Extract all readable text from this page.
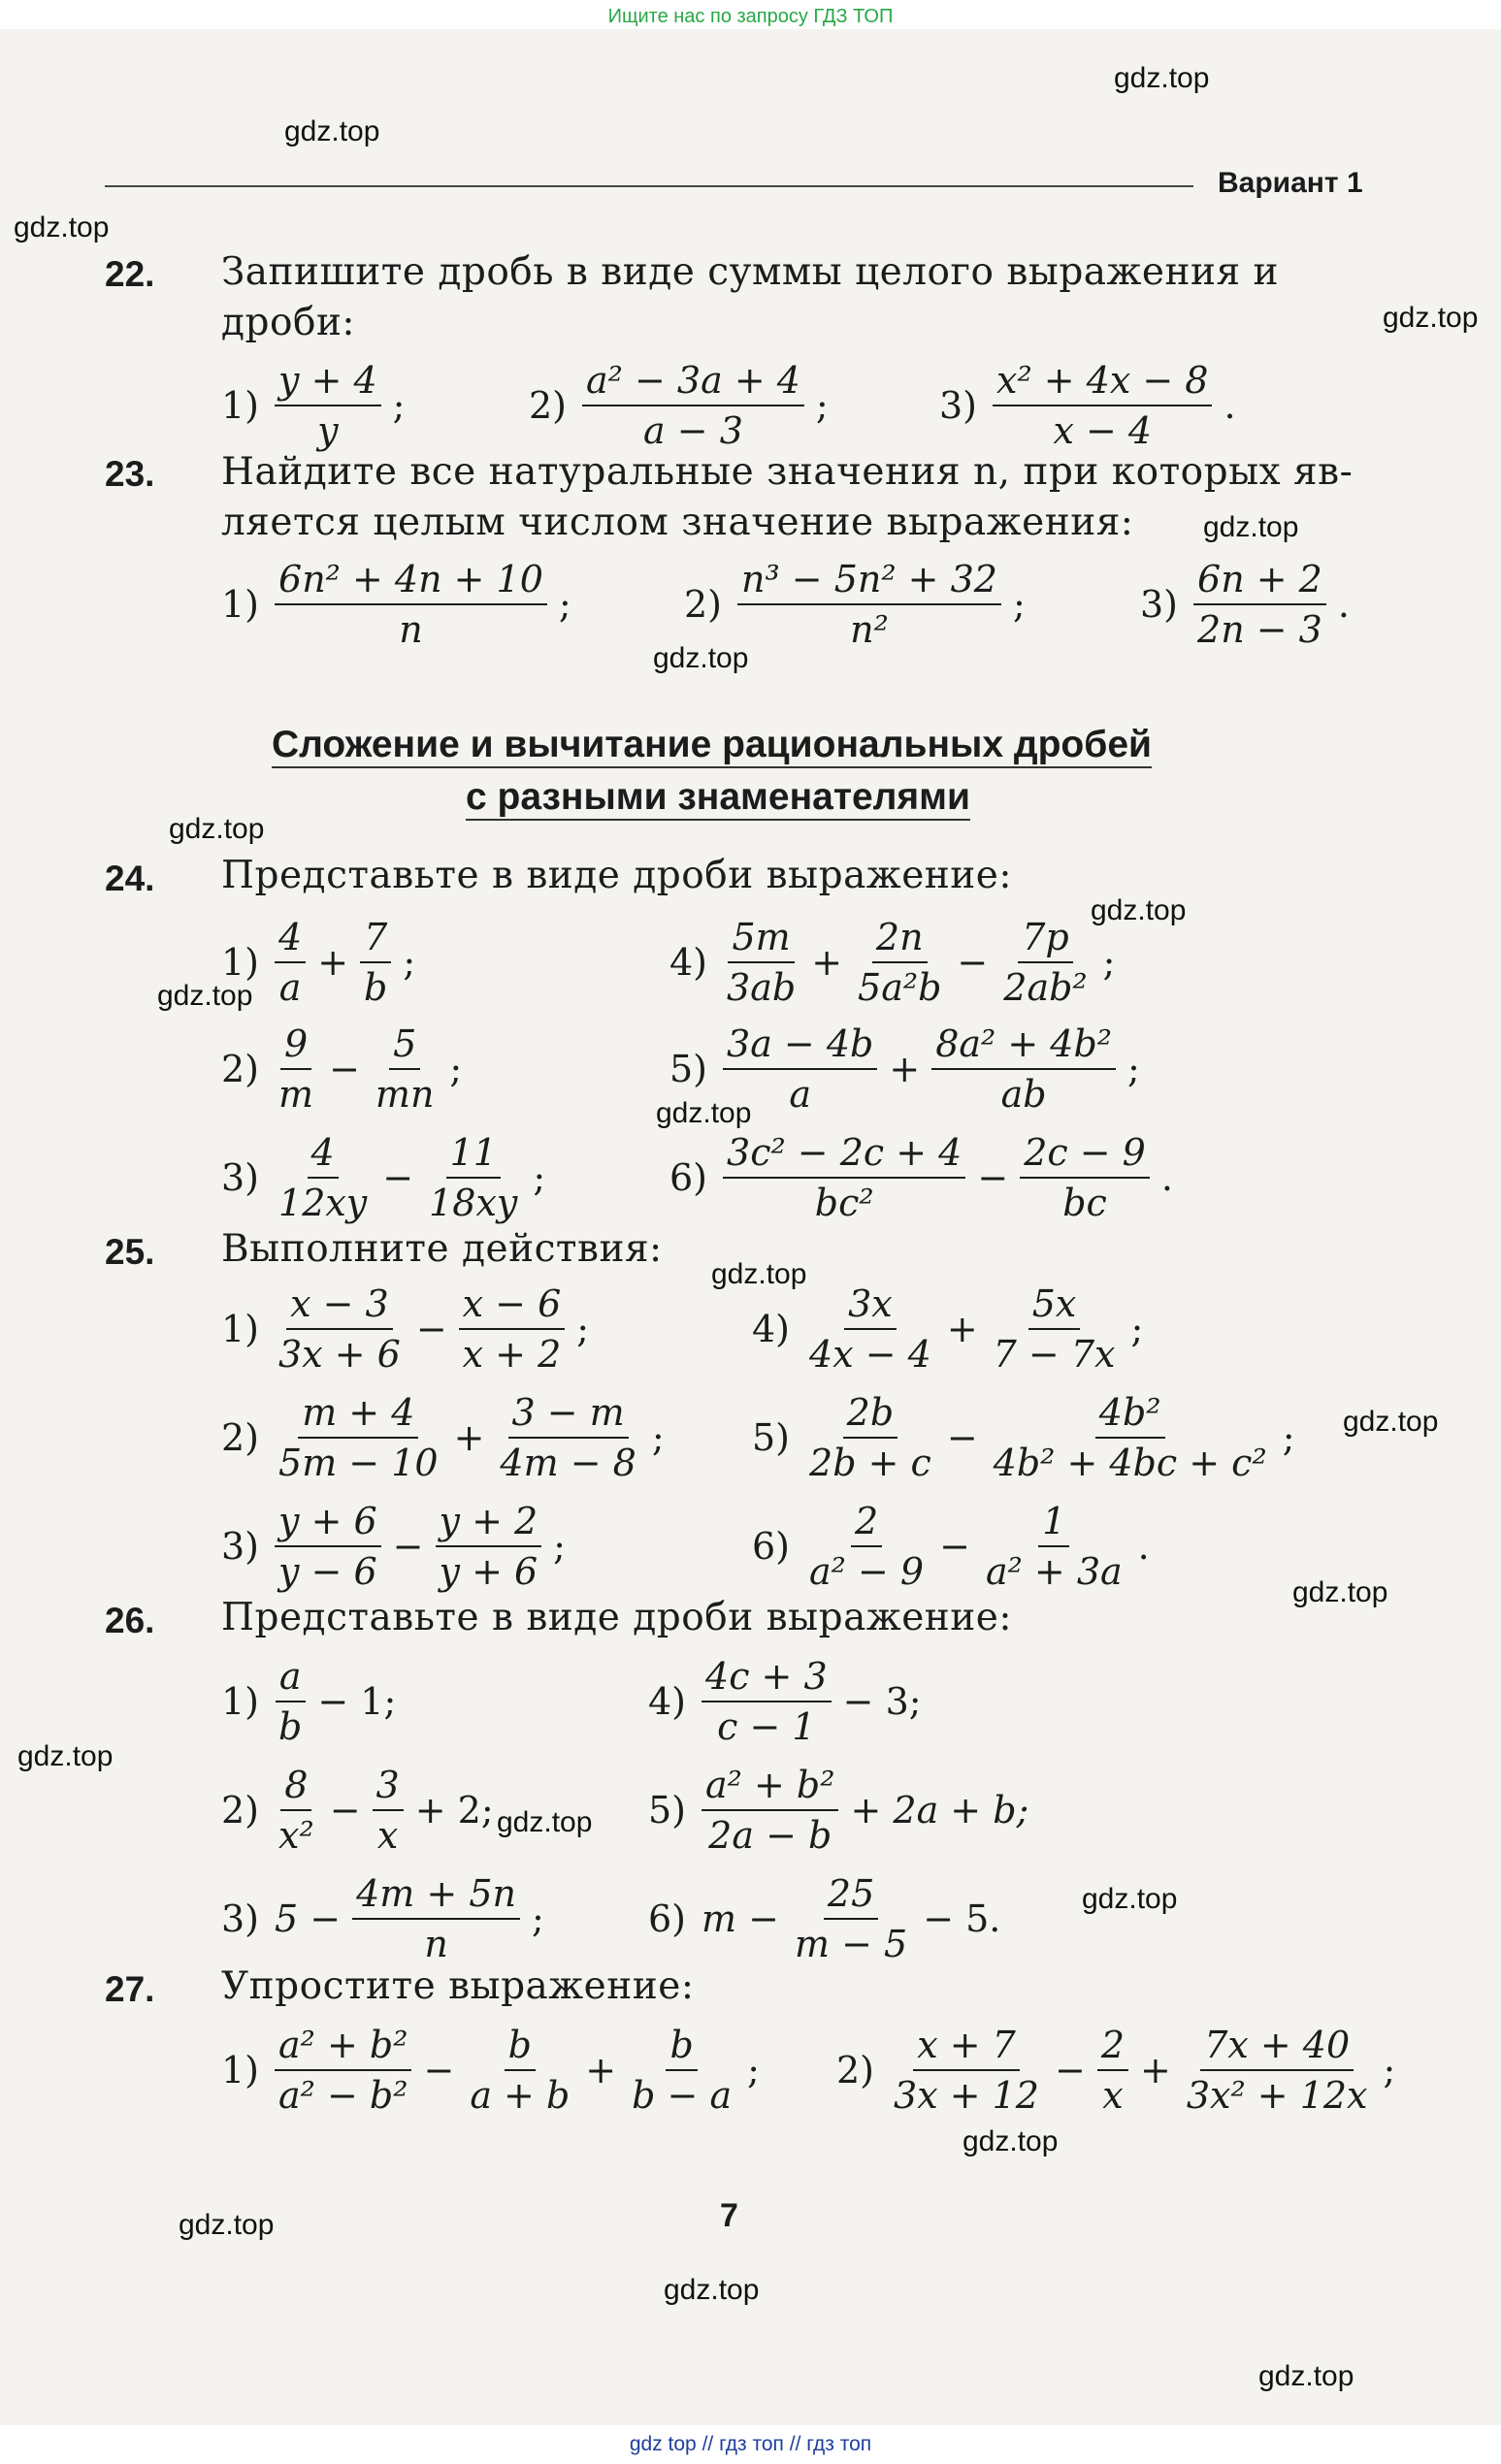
Ищите нас по запросу ГДЗ ТОП
gdz.top
gdz.top
gdz.top
gdz.top
gdz.top
gdz.top
gdz.top
gdz.top
gdz.top
gdz.top
gdz.top
gdz.top
gdz.top
gdz.top
gdz.top
gdz.top
gdz.top
gdz.top
gdz.top
gdz.top
Вариант 1
22. Запишите дробь в виде суммы целого выражения и
дроби:
$1) \frac{y + 4}{y}$ ;	$2) \frac{\text{a² − 3a + 4}}{a - 3}$ ;	$3) \frac{\text{x² + 4x − 8}}{x - 4}$ .
23. Найдите все натуральные значения n, при которых яв-
ляется целым числом значение выражения:
$1) \frac{\text{6n² + 4n + 10}}{n}$ ;	$2) \frac{\text{n³ − 5n² + 32}}{\text{n²}}$ ;	$3) \frac{6n + 2}{2n - 3}$ .
Сложение и вычитание рациональных дробей
с разными знаменателями
24. Представьте в виде дроби выражение:
$1) \frac{4}{a} + \frac{7}{b}$ ;
$2) \frac{9}{m} - \frac{5}{mn}$ ;
$3) \frac{4}{12xy} - \frac{11}{18xy}$ ;
$4) \frac{5m}{3ab} + \frac{2n}{\text{5a²b}} - \frac{7p}{\text{2ab²}}$ ;
$5) \frac{3a - 4b}{a} + \frac{\text{8a² + 4b²}}{ab}$ ;
$6) \frac{\text{3c² − 2c + 4}}{\text{bc²}} - \frac{2c - 9}{bc}$ .
25. Выполните действия:
$1) \frac{x - 3}{3x + 6} - \frac{x - 6}{x + 2}$ ;
$2) \frac{m + 4}{5m - 10} + \frac{3 - m}{4m - 8}$ ;
$3) \frac{y + 6}{y - 6} - \frac{y + 2}{y + 6}$ ;
$4) \frac{3x}{4x - 4} + \frac{5x}{7 - 7x}$ ;
$5) \frac{2b}{2b + c} - \frac{\text{4b²}}{\text{4b² + 4bc + c²}}$ ;
$6) \frac{2}{\text{a² − 9}} - \frac{1}{\text{a² + 3a}}$ .
26. Представьте в виде дроби выражение:
$1) \frac{a}{b} - 1$;
$2) \frac{8}{\text{x²}} - \frac{3}{x} + 2$;
3) $5 - \frac{4m + 5n}{n}$ ;
$4) \frac{4c + 3}{c - 1} - 3$;
$5) \frac{\text{a² + b²}}{2a - b} + 2a + b$;
6) $m - \frac{25}{m - 5} - 5$.
27. Упростите выражение:
$1) \frac{\text{a² + b²}}{\text{a² − b²}} - \frac{b}{a + b} + \frac{b}{b - a}$ ; $2) \frac{x + 7}{3x + 12} - \frac{2}{x} + \frac{7x + 40}{\text{3x² + 12x}}$ ;
7
gdz top // гдз топ // гдз топ
